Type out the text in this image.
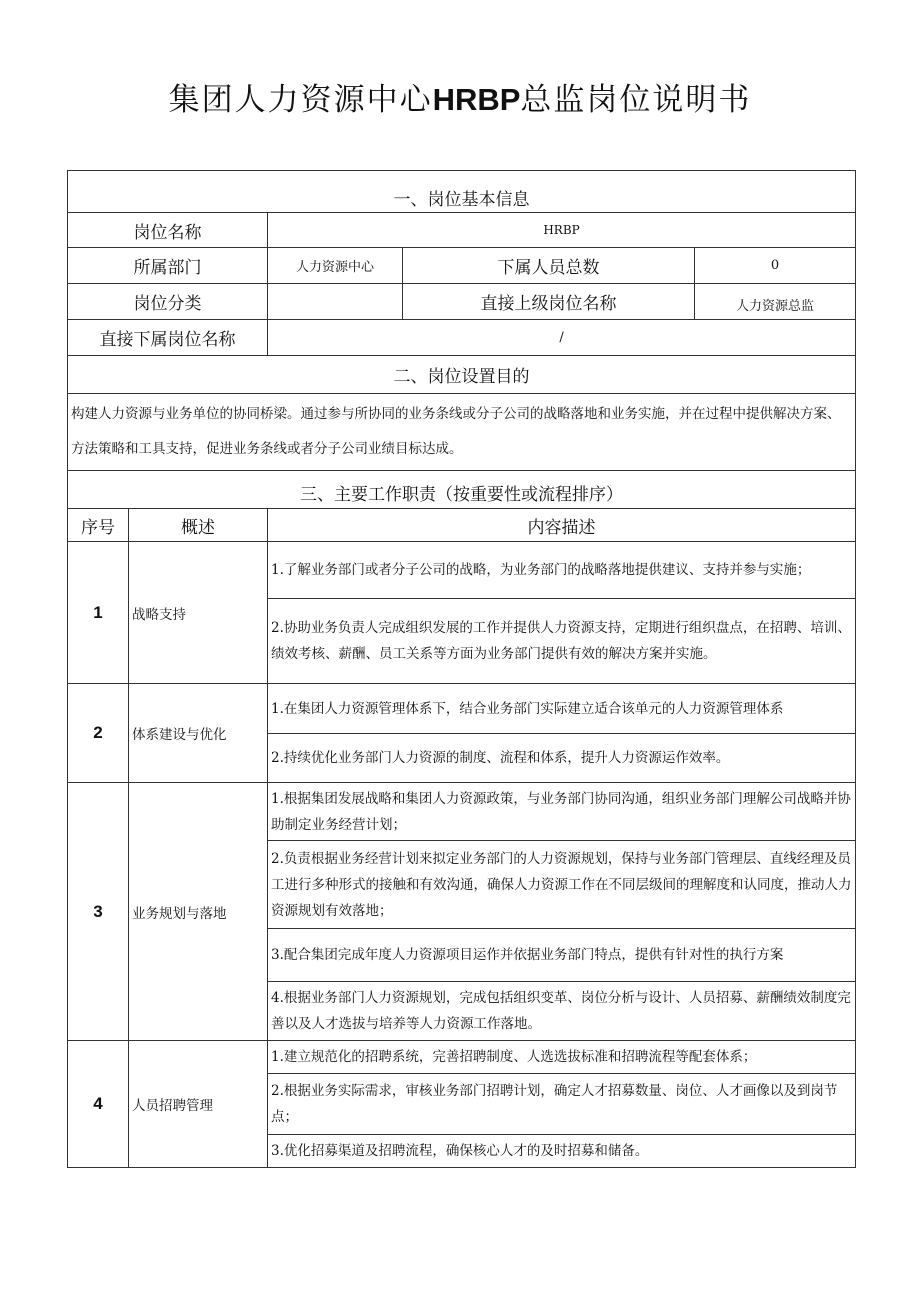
集团人力资源中心HRBP总监岗位说明书
一、岗位基本信息				
岗位名称		HRBP		
所属部门		人力资源中心	下属人员总数	0
岗位分类			直接上级岗位名称	人力资源总监
直接下属岗位名称		/		
二、岗位设置目的				
构建人力资源与业务单位的协同桥梁。通过参与所协同的业务条线或分子公司的战略落地和业务实施，并在过程中提供解决方案、方法策略和工具支持，促进业务条线或者分子公司业绩目标达成。				
三、主要工作职责（按重要性或流程排序）				
序号	概述	内容描述		
1	战略支持	1.了解业务部门或者分子公司的战略，为业务部门的战略落地提供建议、支持并参与实施；		
		2.协助业务负责人完成组织发展的工作并提供人力资源支持，定期进行组织盘点，在招聘、培训、绩效考核、薪酬、员工关系等方面为业务部门提供有效的解决方案并实施。		
2	体系建设与优化	1.在集团人力资源管理体系下，结合业务部门实际建立适合该单元的人力资源管理体系		
		2.持续优化业务部门人力资源的制度、流程和体系，提升人力资源运作效率。		
3	业务规划与落地	1.根据集团发展战略和集团人力资源政策，与业务部门协同沟通，组织业务部门理解公司战略并协助制定业务经营计划；		
		2.负责根据业务经营计划来拟定业务部门的人力资源规划，保持与业务部门管理层、直线经理及员工进行多种形式的接触和有效沟通，确保人力资源工作在不同层级间的理解度和认同度，推动人力资源规划有效落地；		
		3.配合集团完成年度人力资源项目运作并依据业务部门特点，提供有针对性的执行方案		
		4.根据业务部门人力资源规划，完成包括组织变革、岗位分析与设计、人员招募、薪酬绩效制度完善以及人才选拔与培养等人力资源工作落地。		
4	人员招聘管理	1.建立规范化的招聘系统，完善招聘制度、人选选拔标准和招聘流程等配套体系；		
		2.根据业务实际需求，审核业务部门招聘计划，确定人才招募数量、岗位、人才画像以及到岗节点；		
		3.优化招募渠道及招聘流程，确保核心人才的及时招募和储备。		
